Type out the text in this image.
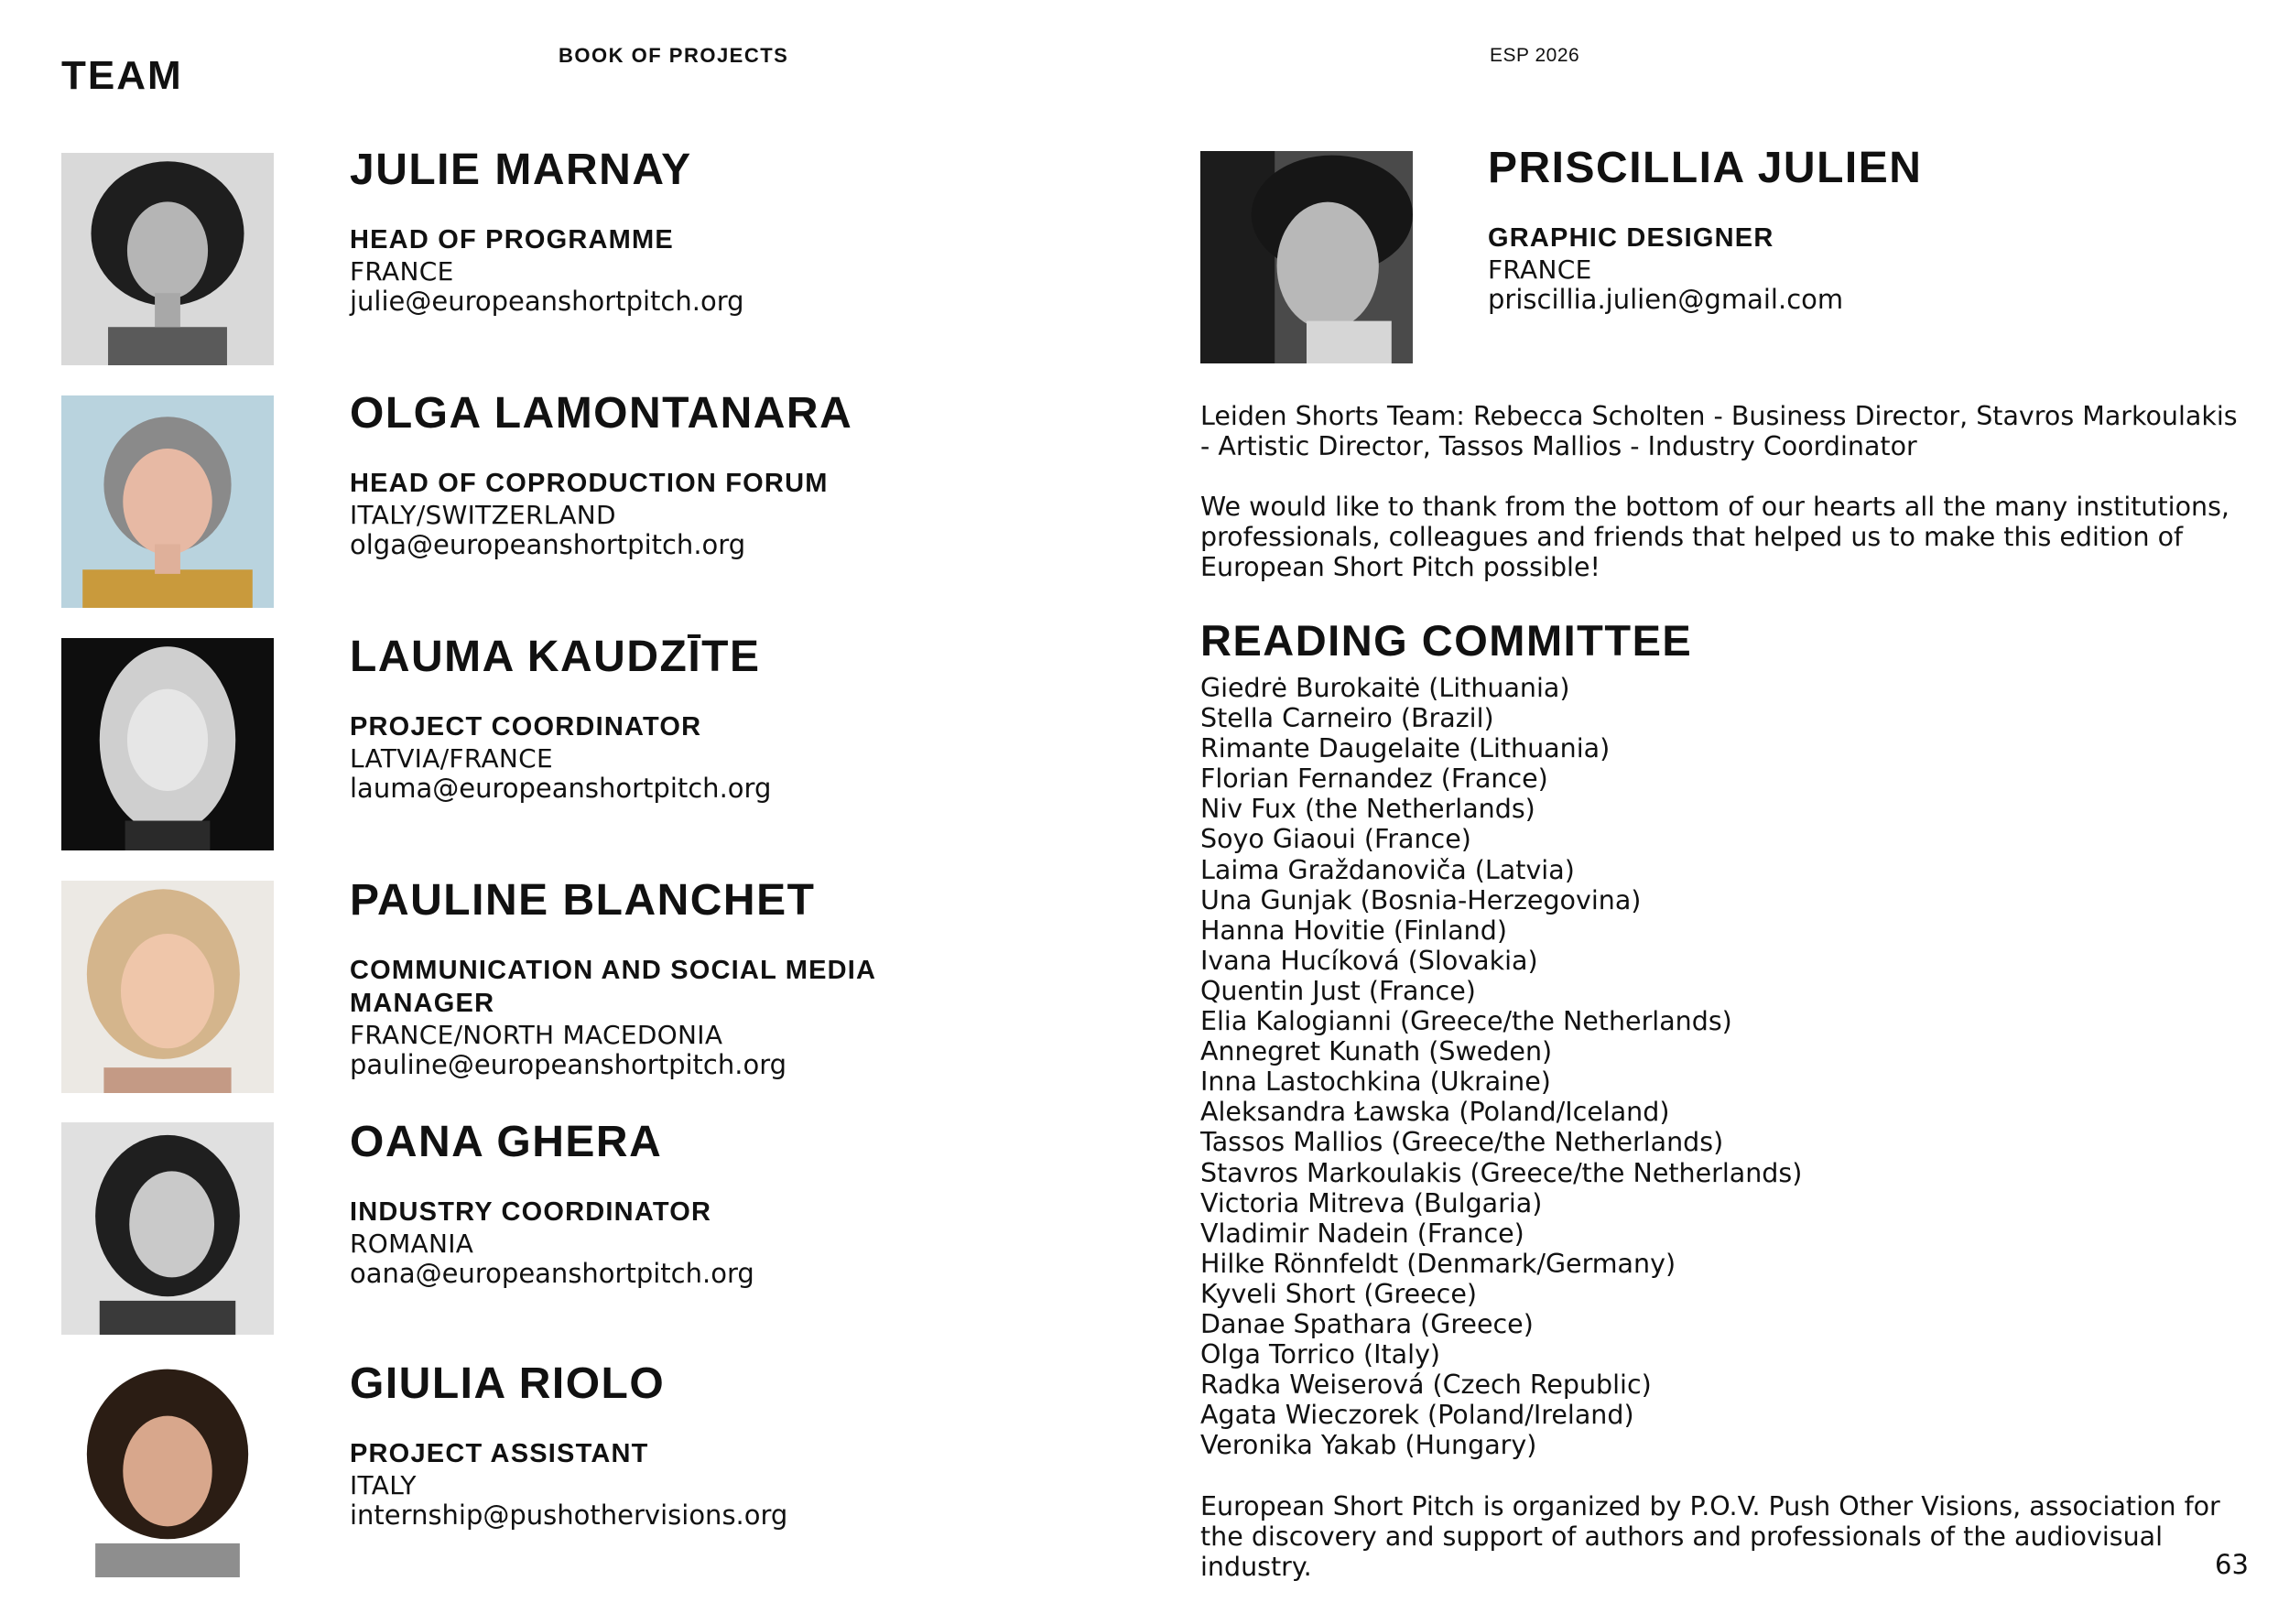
TEAM	BOOK OF PROJECTS	ESP 2026
JULIE MARNAY
HEAD OF PROGRAMME
FRANCE
julie@europeanshortpitch.org
OLGA LAMONTANARA
HEAD OF COPRODUCTION FORUM
ITALY/SWITZERLAND
olga@europeanshortpitch.org
LAUMA KAUDZĪTE
PROJECT COORDINATOR
LATVIA/FRANCE
lauma@europeanshortpitch.org
PAULINE BLANCHET
COMMUNICATION AND SOCIAL MEDIA MANAGER
FRANCE/NORTH MACEDONIA
pauline@europeanshortpitch.org
OANA GHERA
INDUSTRY COORDINATOR
ROMANIA
oana@europeanshortpitch.org
GIULIA RIOLO
PROJECT ASSISTANT
ITALY
internship@pushothervisions.org
PRISCILLIA JULIEN
GRAPHIC DESIGNER
FRANCE
priscillia.julien@gmail.com

Leiden Shorts Team: Rebecca Scholten - Business Director, Stavros Markoulakis - Artistic Director, Tassos Mallios - Industry Coordinator

We would like to thank from the bottom of our hearts all the many institutions, professionals, colleagues and friends that helped us to make this edition of European Short Pitch possible!

READING COMMITTEE
Giedrė Burokaitė (Lithuania)
Stella Carneiro (Brazil)
Rimante Daugelaite (Lithuania)
Florian Fernandez (France)
Niv Fux (the Netherlands)
Soyo Giaoui (France)
Laima Graždanoviča (Latvia)
Una Gunjak (Bosnia-Herzegovina)
Hanna Hovitie (Finland)
Ivana Hucíková (Slovakia)
Quentin Just (France)
Elia Kalogianni (Greece/the Netherlands)
Annegret Kunath (Sweden)
Inna Lastochkina (Ukraine)
Aleksandra Ławska (Poland/Iceland)
Tassos Mallios (Greece/the Netherlands)
Stavros Markoulakis (Greece/the Netherlands)
Victoria Mitreva (Bulgaria)
Vladimir Nadein (France)
Hilke Rönnfeldt (Denmark/Germany)
Kyveli Short (Greece)
Danae Spathara (Greece)
Olga Torrico (Italy)
Radka Weiserová (Czech Republic)
Agata Wieczorek (Poland/Ireland)
Veronika Yakab (Hungary)

European Short Pitch is organized by P.O.V. Push Other Visions, association for the discovery and support of authors and professionals of the audiovisual industry.	63
